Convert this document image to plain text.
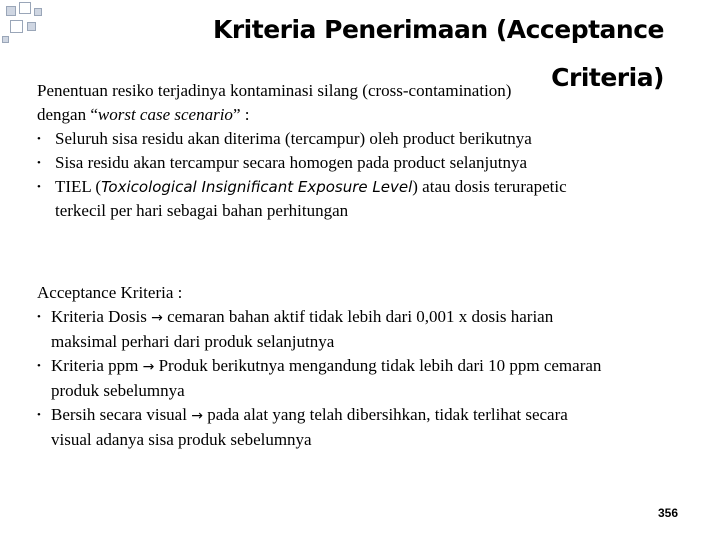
Kriteria Penerimaan (Acceptance Criteria)
Penentuan resiko terjadinya kontaminasi silang (cross-contamination)
dengan “worst case scenario” :
• Seluruh sisa residu akan diterima (tercampur) oleh product berikutnya
• Sisa residu akan tercampur secara homogen pada product selanjutnya
• TIEL (Toxicological Insignificant Exposure Level) atau dosis terurapetic
terkecil per hari sebagai bahan perhitungan
Acceptance Kriteria :
• Kriteria Dosis → cemaran bahan aktif tidak lebih dari 0,001 x dosis harian
maksimal perhari dari produk selanjutnya
• Kriteria ppm → Produk berikutnya mengandung tidak lebih dari 10 ppm cemaran
produk sebelumnya
• Bersih secara visual → pada alat yang telah dibersihkan, tidak terlihat secara
visual adanya sisa produk sebelumnya
356
